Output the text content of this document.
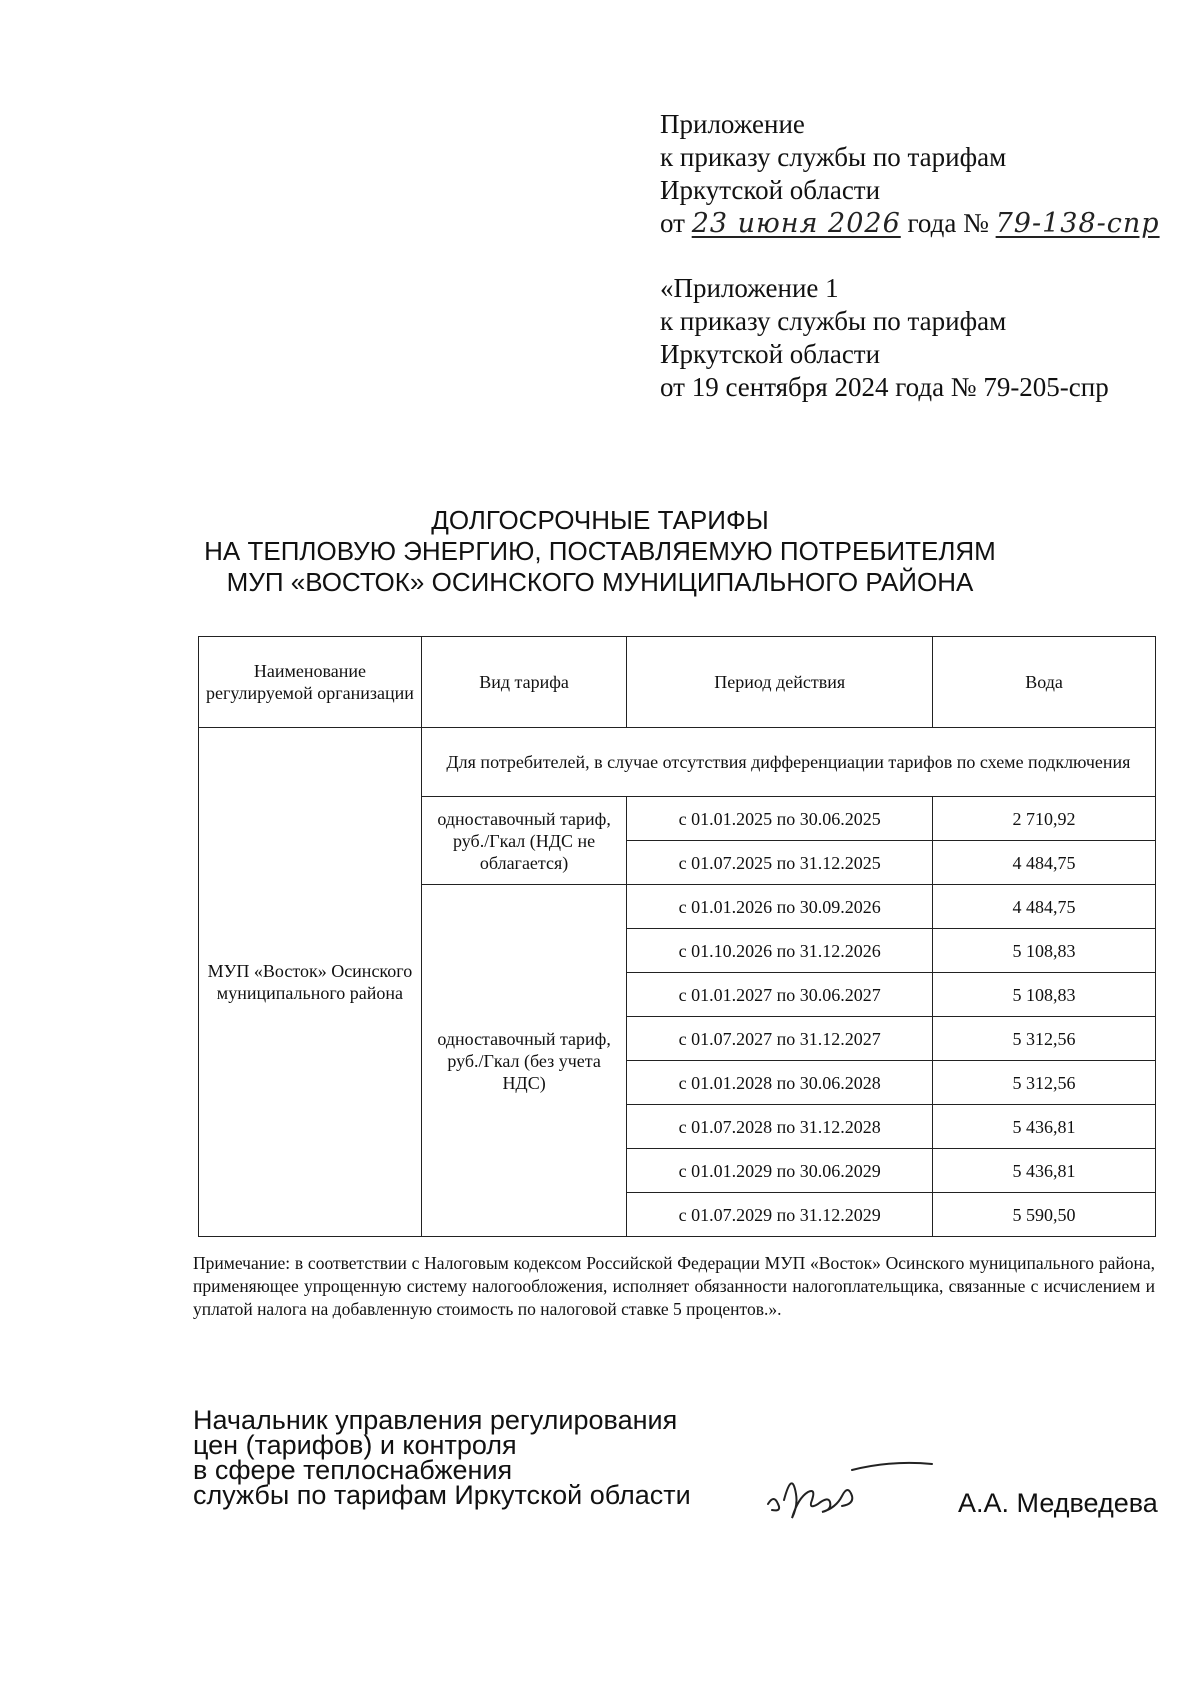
Приложение
к приказу службы по тарифам
Иркутской области
от 23 июня 2026 года № 79-138-спр
«Приложение 1
к приказу службы по тарифам
Иркутской области
от 19 сентября 2024 года № 79-205-спр
ДОЛГОСРОЧНЫЕ ТАРИФЫ
НА ТЕПЛОВУЮ ЭНЕРГИЮ, ПОСТАВЛЯЕМУЮ ПОТРЕБИТЕЛЯМ
МУП «ВОСТОК» ОСИНСКОГО МУНИЦИПАЛЬНОГО РАЙОНА
Наименование регулируемой организации	Вид тарифа	Период действия	Вода
МУП «Восток» Осинского муниципального района	Для потребителей, в случае отсутствия дифференциации тарифов по схеме подключения		
	одноставочный тариф, руб./Гкал (НДС не облагается)	с 01.01.2025 по 30.06.2025	2 710,92
		с 01.07.2025 по 31.12.2025	4 484,75
	одноставочный тариф, руб./Гкал (без учета НДС)	с 01.01.2026 по 30.09.2026	4 484,75
		с 01.10.2026 по 31.12.2026	5 108,83
		с 01.01.2027 по 30.06.2027	5 108,83
		с 01.07.2027 по 31.12.2027	5 312,56
		с 01.01.2028 по 30.06.2028	5 312,56
		с 01.07.2028 по 31.12.2028	5 436,81
		с 01.01.2029 по 30.06.2029	5 436,81
		с 01.07.2029 по 31.12.2029	5 590,50
Примечание: в соответствии с Налоговым кодексом Российской Федерации МУП «Восток» Осинского муниципального района, применяющее упрощенную систему налогообложения, исполняет обязанности налогоплательщика, связанные с исчислением и уплатой налога на добавленную стоимость по налоговой ставке 5 процентов.».
Начальник управления регулирования
цен (тарифов) и контроля
в сфере теплоснабжения
службы по тарифам Иркутской области	А.А. Медведева
